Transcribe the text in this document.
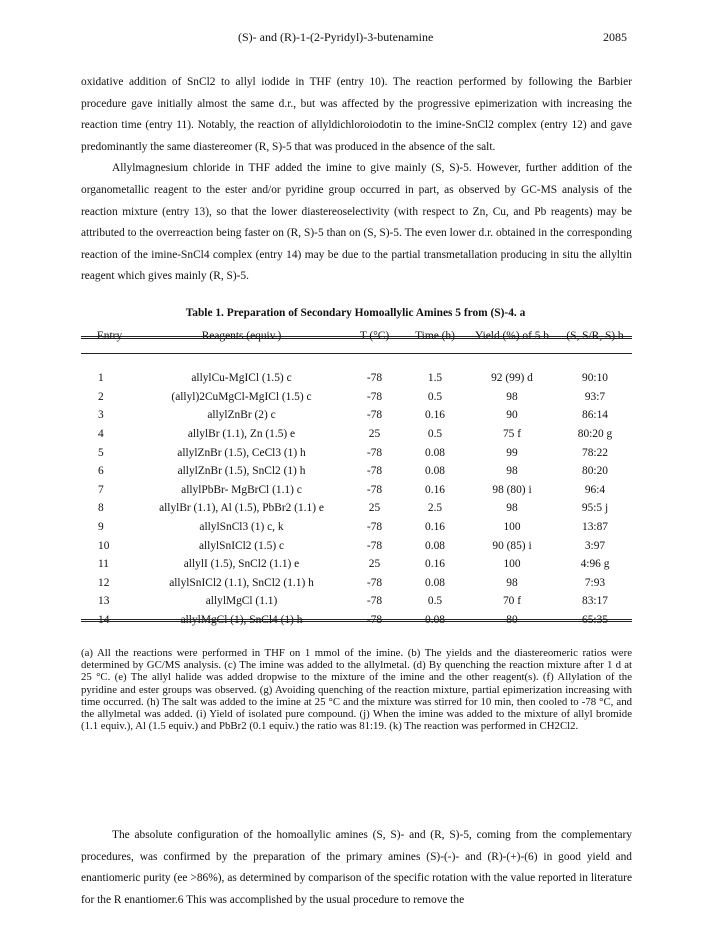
(S)- and (R)-1-(2-Pyridyl)-3-butenamine	2085

oxidative addition of SnCl2 to allyl iodide in THF (entry 10). The reaction performed by following the Barbier procedure gave initially almost the same d.r., but was affected by the progressive epimerization with increasing the reaction time (entry 11). Notably, the reaction of allyldichloroiodotin to the imine-SnCl2 complex (entry 12) and gave predominantly the same diastereomer (R, S)-5 that was produced in the absence of the salt.

Allylmagnesium chloride in THF added the imine to give mainly (S, S)-5. However, further addition of the organometallic reagent to the ester and/or pyridine group occurred in part, as observed by GC-MS analysis of the reaction mixture (entry 13), so that the lower diastereoselectivity (with respect to Zn, Cu, and Pb reagents) may be attributed to the overreaction being faster on (R, S)-5 than on (S, S)-5. The even lower d.r. obtained in the corresponding reaction of the imine-SnCl4 complex (entry 14) may be due to the partial transmetallation producing in situ the allyltin reagent which gives mainly (R, S)-5.

Table 1. Preparation of Secondary Homoallylic Amines 5 from (S)-4. a
Entry	Reagents (equiv.)	T (°C)	Time (h)	Yield (%) of 5 b	(S, S/R, S) b
1	allylCu-MgICl (1.5) c	-78	1.5	92 (99) d	90:10
2	(allyl)2CuMgCl-MgICl (1.5) c	-78	0.5	98	93:7
3	allylZnBr (2) c	-78	0.16	90	86:14
4	allylBr (1.1), Zn (1.5) e	25	0.5	75 f	80:20 g
5	allylZnBr (1.5), CeCl3 (1) h	-78	0.08	99	78:22
6	allylZnBr (1.5), SnCl2 (1) h	-78	0.08	98	80:20
7	allylPbBr- MgBrCl (1.1) c	-78	0.16	98 (80) i	96:4
8	allylBr (1.1), Al (1.5), PbBr2 (1.1) e	25	2.5	98	95:5 j
9	allylSnCl3 (1) c, k	-78	0.16	100	13:87
10	allylSnICl2 (1.5) c	-78	0.08	90 (85) i	3:97
11	allylI (1.5), SnCl2 (1.1) e	25	0.16	100	4:96 g
12	allylSnICl2 (1.1), SnCl2 (1.1) h	-78	0.08	98	7:93
13	allylMgCl (1.1)	-78	0.5	70 f	83:17
14	allylMgCl (1), SnCl4 (1) h	-78	0.08	80	65:35
(a) All the reactions were performed in THF on 1 mmol of the imine. (b) The yields and the diastereomeric ratios were determined by GC/MS analysis. (c) The imine was added to the allylmetal. (d) By quenching the reaction mixture after 1 d at 25 °C. (e) The allyl halide was added dropwise to the mixture of the imine and the other reagent(s). (f) Allylation of the pyridine and ester groups was observed. (g) Avoiding quenching of the reaction mixture, partial epimerization increasing with time occurred. (h) The salt was added to the imine at 25 °C and the mixture was stirred for 10 min, then cooled to -78 °C, and the allylmetal was added. (i) Yield of isolated pure compound. (j) When the imine was added to the mixture of allyl bromide (1.1 equiv.), Al (1.5 equiv.) and PbBr2 (0.1 equiv.) the ratio was 81:19. (k) The reaction was performed in CH2Cl2.

The absolute configuration of the homoallylic amines (S, S)- and (R, S)-5, coming from the complementary procedures, was confirmed by the preparation of the primary amines (S)-(-)- and (R)-(+)-(6) in good yield and enantiomeric purity (ee >86%), as determined by comparison of the specific rotation with the value reported in literature for the R enantiomer.6 This was accomplished by the usual procedure to remove the
